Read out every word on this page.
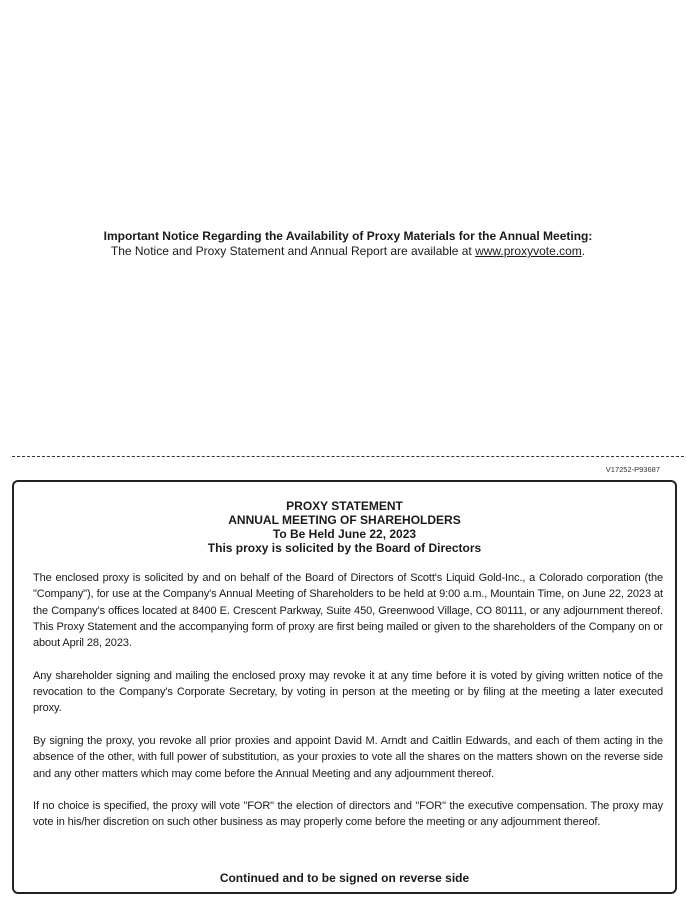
Important Notice Regarding the Availability of Proxy Materials for the Annual Meeting:
The Notice and Proxy Statement and Annual Report are available at www.proxyvote.com.
V17252-P93687
PROXY STATEMENT
ANNUAL MEETING OF SHAREHOLDERS
To Be Held June 22, 2023
This proxy is solicited by the Board of Directors

The enclosed proxy is solicited by and on behalf of the Board of Directors of Scott's Liquid Gold-Inc., a Colorado corporation (the "Company"), for use at the Company's Annual Meeting of Shareholders to be held at 9:00 a.m., Mountain Time, on June 22, 2023 at the Company's offices located at 8400 E. Crescent Parkway, Suite 450, Greenwood Village, CO 80111, or any adjournment thereof. This Proxy Statement and the accompanying form of proxy are first being mailed or given to the shareholders of the Company on or about April 28, 2023.

Any shareholder signing and mailing the enclosed proxy may revoke it at any time before it is voted by giving written notice of the revocation to the Company's Corporate Secretary, by voting in person at the meeting or by filing at the meeting a later executed proxy.

By signing the proxy, you revoke all prior proxies and appoint David M. Arndt and Caitlin Edwards, and each of them acting in the absence of the other, with full power of substitution, as your proxies to vote all the shares on the matters shown on the reverse side and any other matters which may come before the Annual Meeting and any adjournment thereof.

If no choice is specified, the proxy will vote "FOR" the election of directors and "FOR" the executive compensation. The proxy may vote in his/her discretion on such other business as may properly come before the meeting or any adjournment thereof.

Continued and to be signed on reverse side
